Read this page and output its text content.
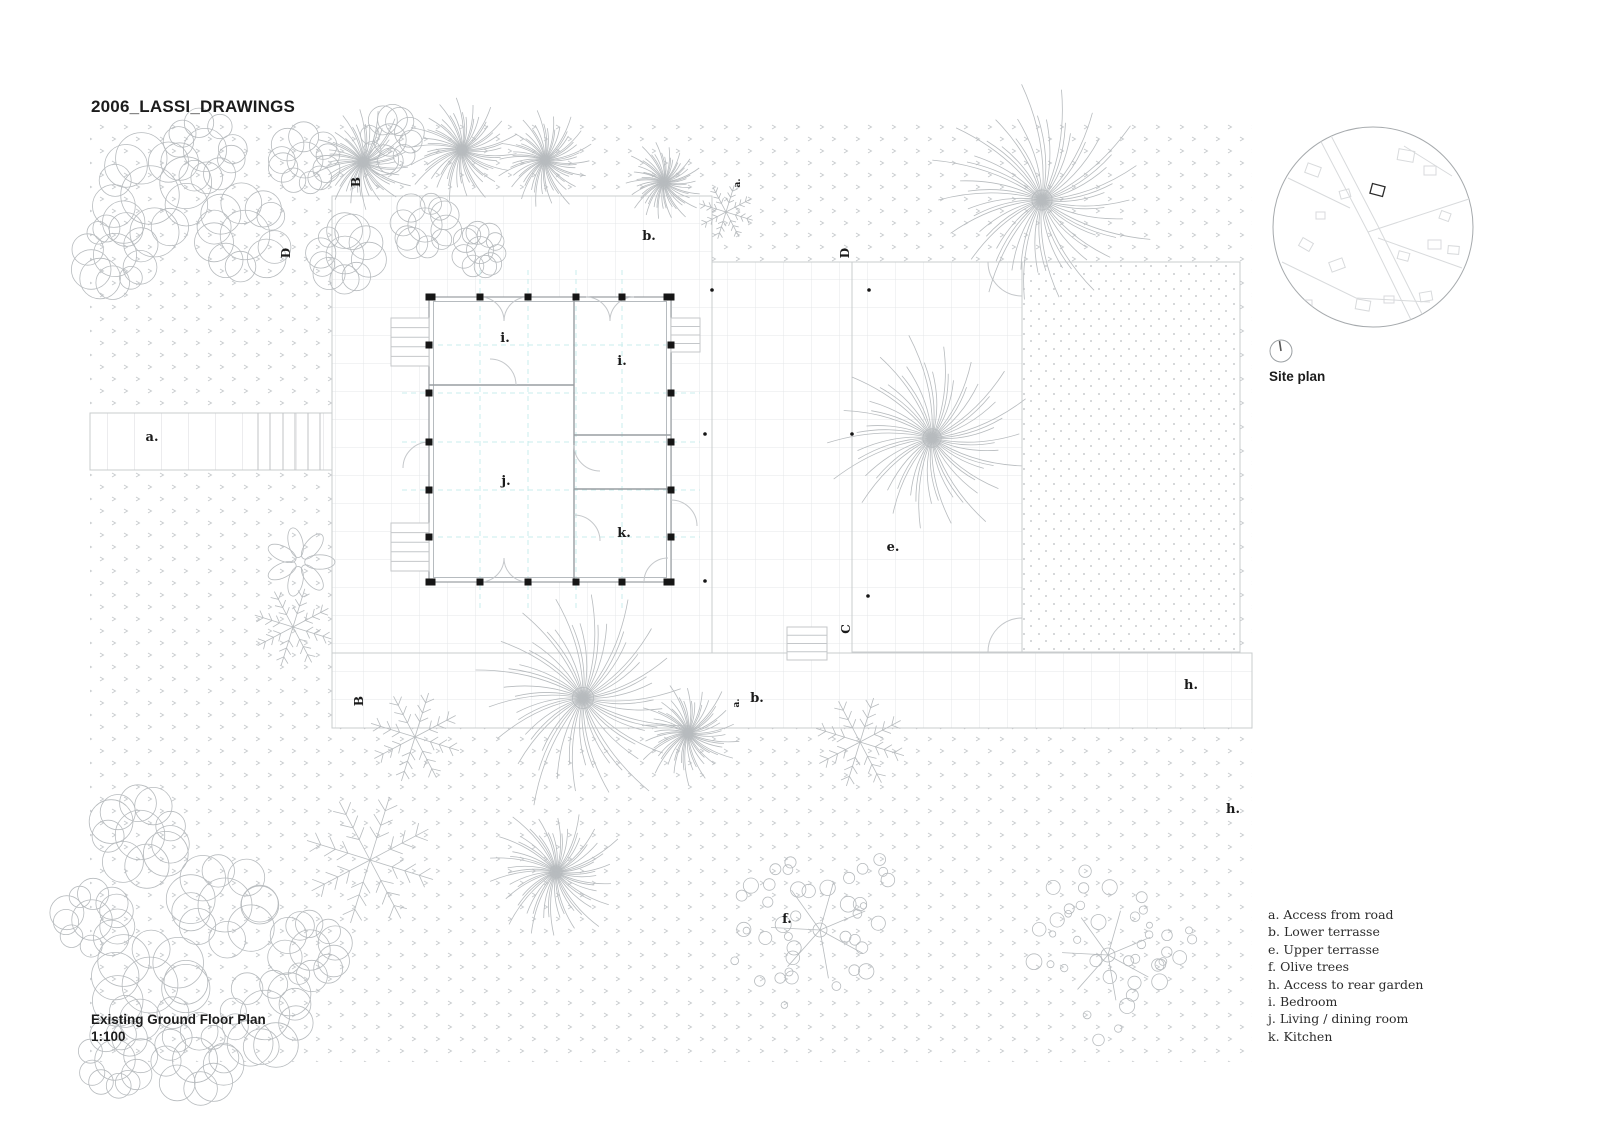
a.
b.
b.
e.
f.
h.
h.
i.
i.
j.
k.
B
B
D	D
C
a.
a.
2006_LASSI_DRAWINGS
Existing Ground Floor Plan
1:100
Site plan
a. Access from road
b. Lower terrasse
e. Upper terrasse
f. Olive trees
h. Access to rear garden
i. Bedroom
j. Living / dining room
k. Kitchen
